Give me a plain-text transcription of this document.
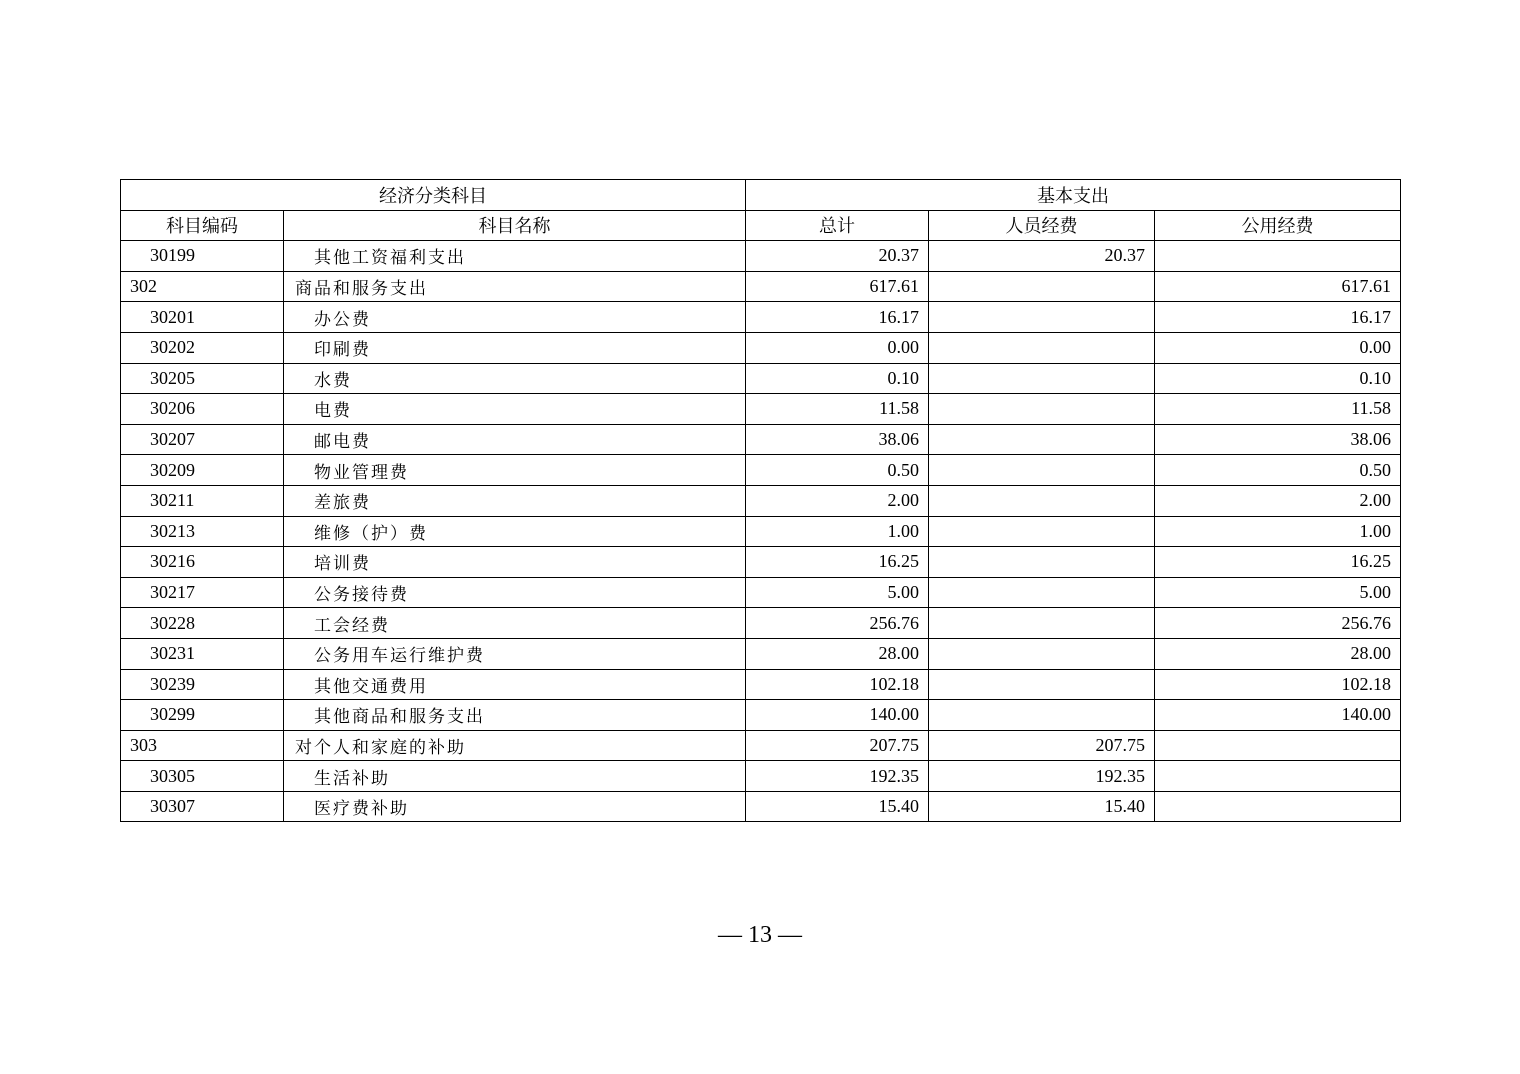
经济分类科目		基本支出		
科目编码	科目名称	总计	人员经费	公用经费
30199	其他工资福利支出	20.37	20.37	
302	商品和服务支出	617.61		617.61
30201	办公费	16.17		16.17
30202	印刷费	0.00		0.00
30205	水费	0.10		0.10
30206	电费	11.58		11.58
30207	邮电费	38.06		38.06
30209	物业管理费	0.50		0.50
30211	差旅费	2.00		2.00
30213	维修（护）费	1.00		1.00
30216	培训费	16.25		16.25
30217	公务接待费	5.00		5.00
30228	工会经费	256.76		256.76
30231	公务用车运行维护费	28.00		28.00
30239	其他交通费用	102.18		102.18
30299	其他商品和服务支出	140.00		140.00
303	对个人和家庭的补助	207.75	207.75	
30305	生活补助	192.35	192.35	
30307	医疗费补助	15.40	15.40	
— 13 —
